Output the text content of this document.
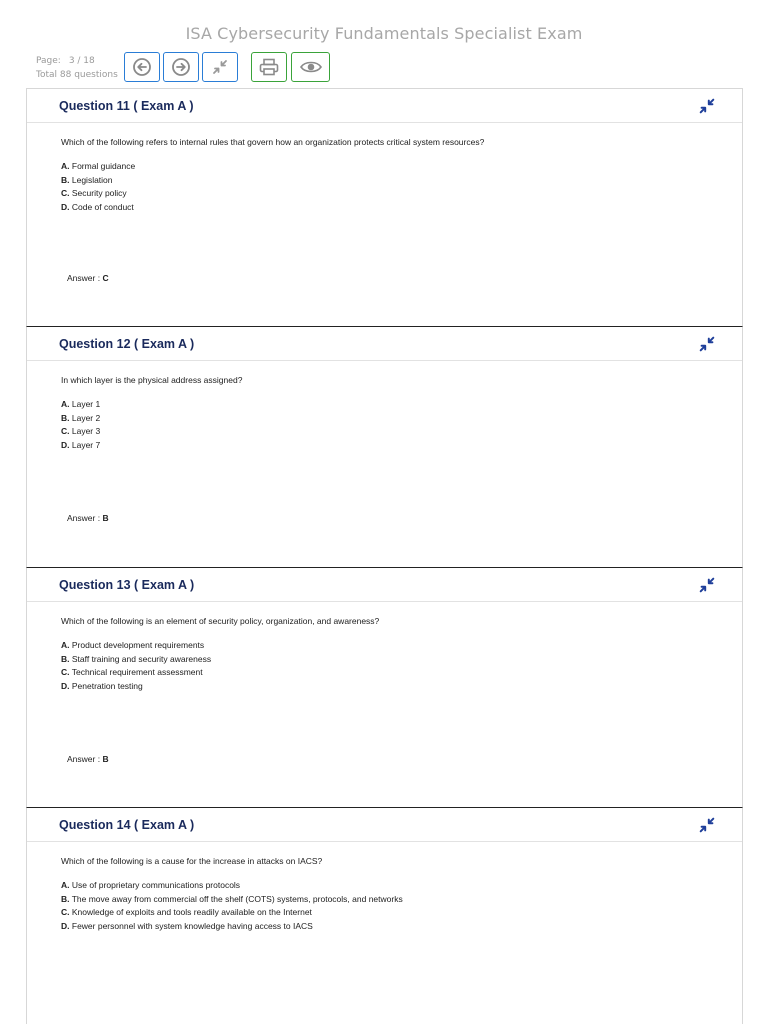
ISA Cybersecurity Fundamentals Specialist Exam
Page: 3 / 18
Total 88 questions
Question 11 ( Exam A )
Which of the following refers to internal rules that govern how an organization protects critical system resources?
A. Formal guidance
B. Legislation
C. Security policy
D. Code of conduct
Answer : C
Question 12 ( Exam A )
In which layer is the physical address assigned?
A. Layer 1
B. Layer 2
C. Layer 3
D. Layer 7
Answer : B
Question 13 ( Exam A )
Which of the following is an element of security policy, organization, and awareness?
A. Product development requirements
B. Staff training and security awareness
C. Technical requirement assessment
D. Penetration testing
Answer : B
Question 14 ( Exam A )
Which of the following is a cause for the increase in attacks on IACS?
A. Use of proprietary communications protocols
B. The move away from commercial off the shelf (COTS) systems, protocols, and networks
C. Knowledge of exploits and tools readily available on the Internet
D. Fewer personnel with system knowledge having access to IACS
